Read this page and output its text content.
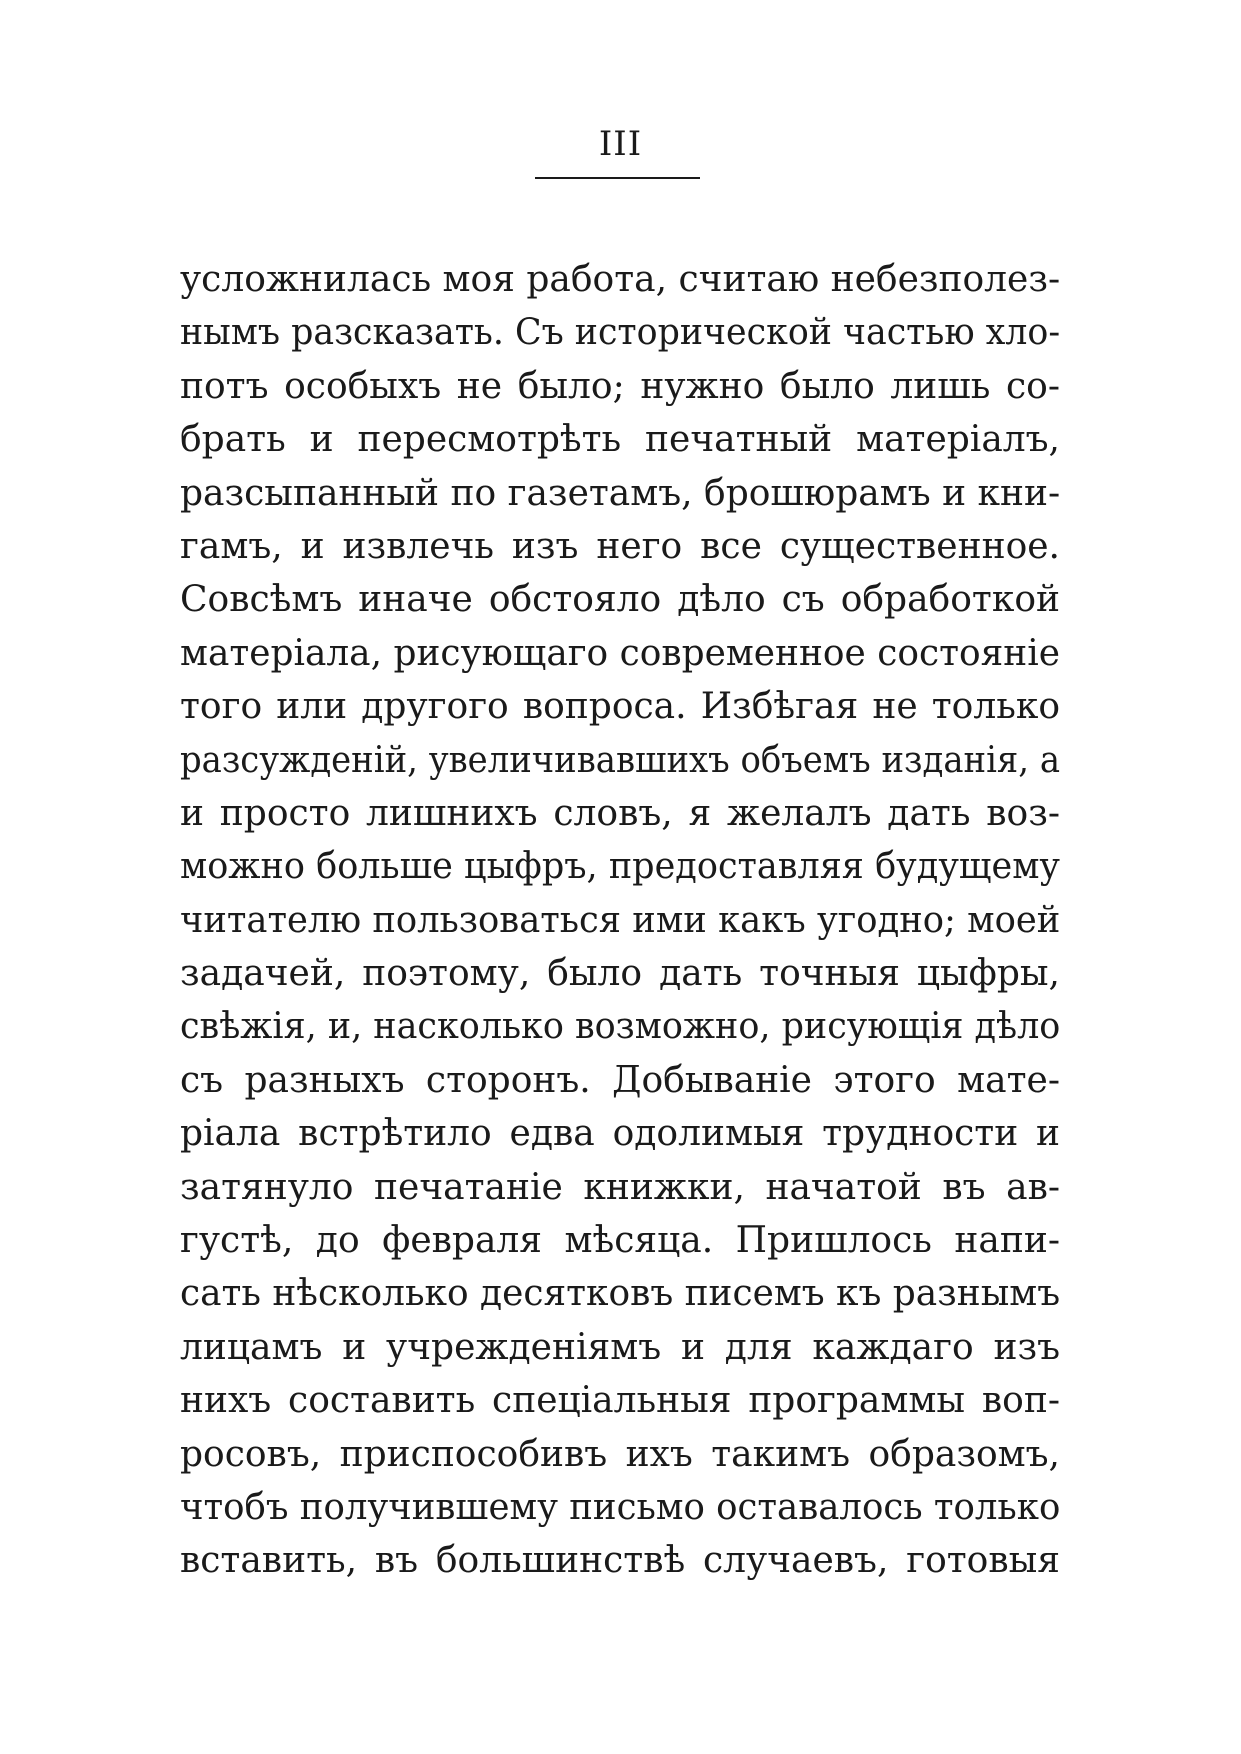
III
усложнилась моя работа, считаю небезполез-
нымъ разсказать. Съ исторической частью хло-
потъ особыхъ не было; нужно было лишь со-
брать и пересмотрѣть печатный матеріалъ,
разсыпанный по газетамъ, брошюрамъ и кни-
гамъ, и извлечь изъ него все существенное.
Совсѣмъ иначе обстояло дѣло съ обработкой
матеріала, рисующаго современное состояніе
того или другого вопроса. Избѣгая не только
разсужденій, увеличивавшихъ объемъ изданія, а
и просто лишнихъ словъ, я желалъ дать воз-
можно больше цыфръ, предоставляя будущему
читателю пользоваться ими какъ угодно; моей
задачей, поэтому, было дать точныя цыфры,
свѣжія, и, насколько возможно, рисующія дѣло
съ разныхъ сторонъ. Добываніе этого мате-
ріала встрѣтило едва одолимыя трудности и
затянуло печатаніе книжки, начатой въ ав-
густѣ, до февраля мѣсяца. Пришлось напи-
сать нѣсколько десятковъ писемъ къ разнымъ
лицамъ и учрежденіямъ и для каждаго изъ
нихъ составить спеціальныя программы воп-
росовъ, приспособивъ ихъ такимъ образомъ,
чтобъ получившему письмо оставалось только
вставить, въ большинствѣ случаевъ, готовыя
